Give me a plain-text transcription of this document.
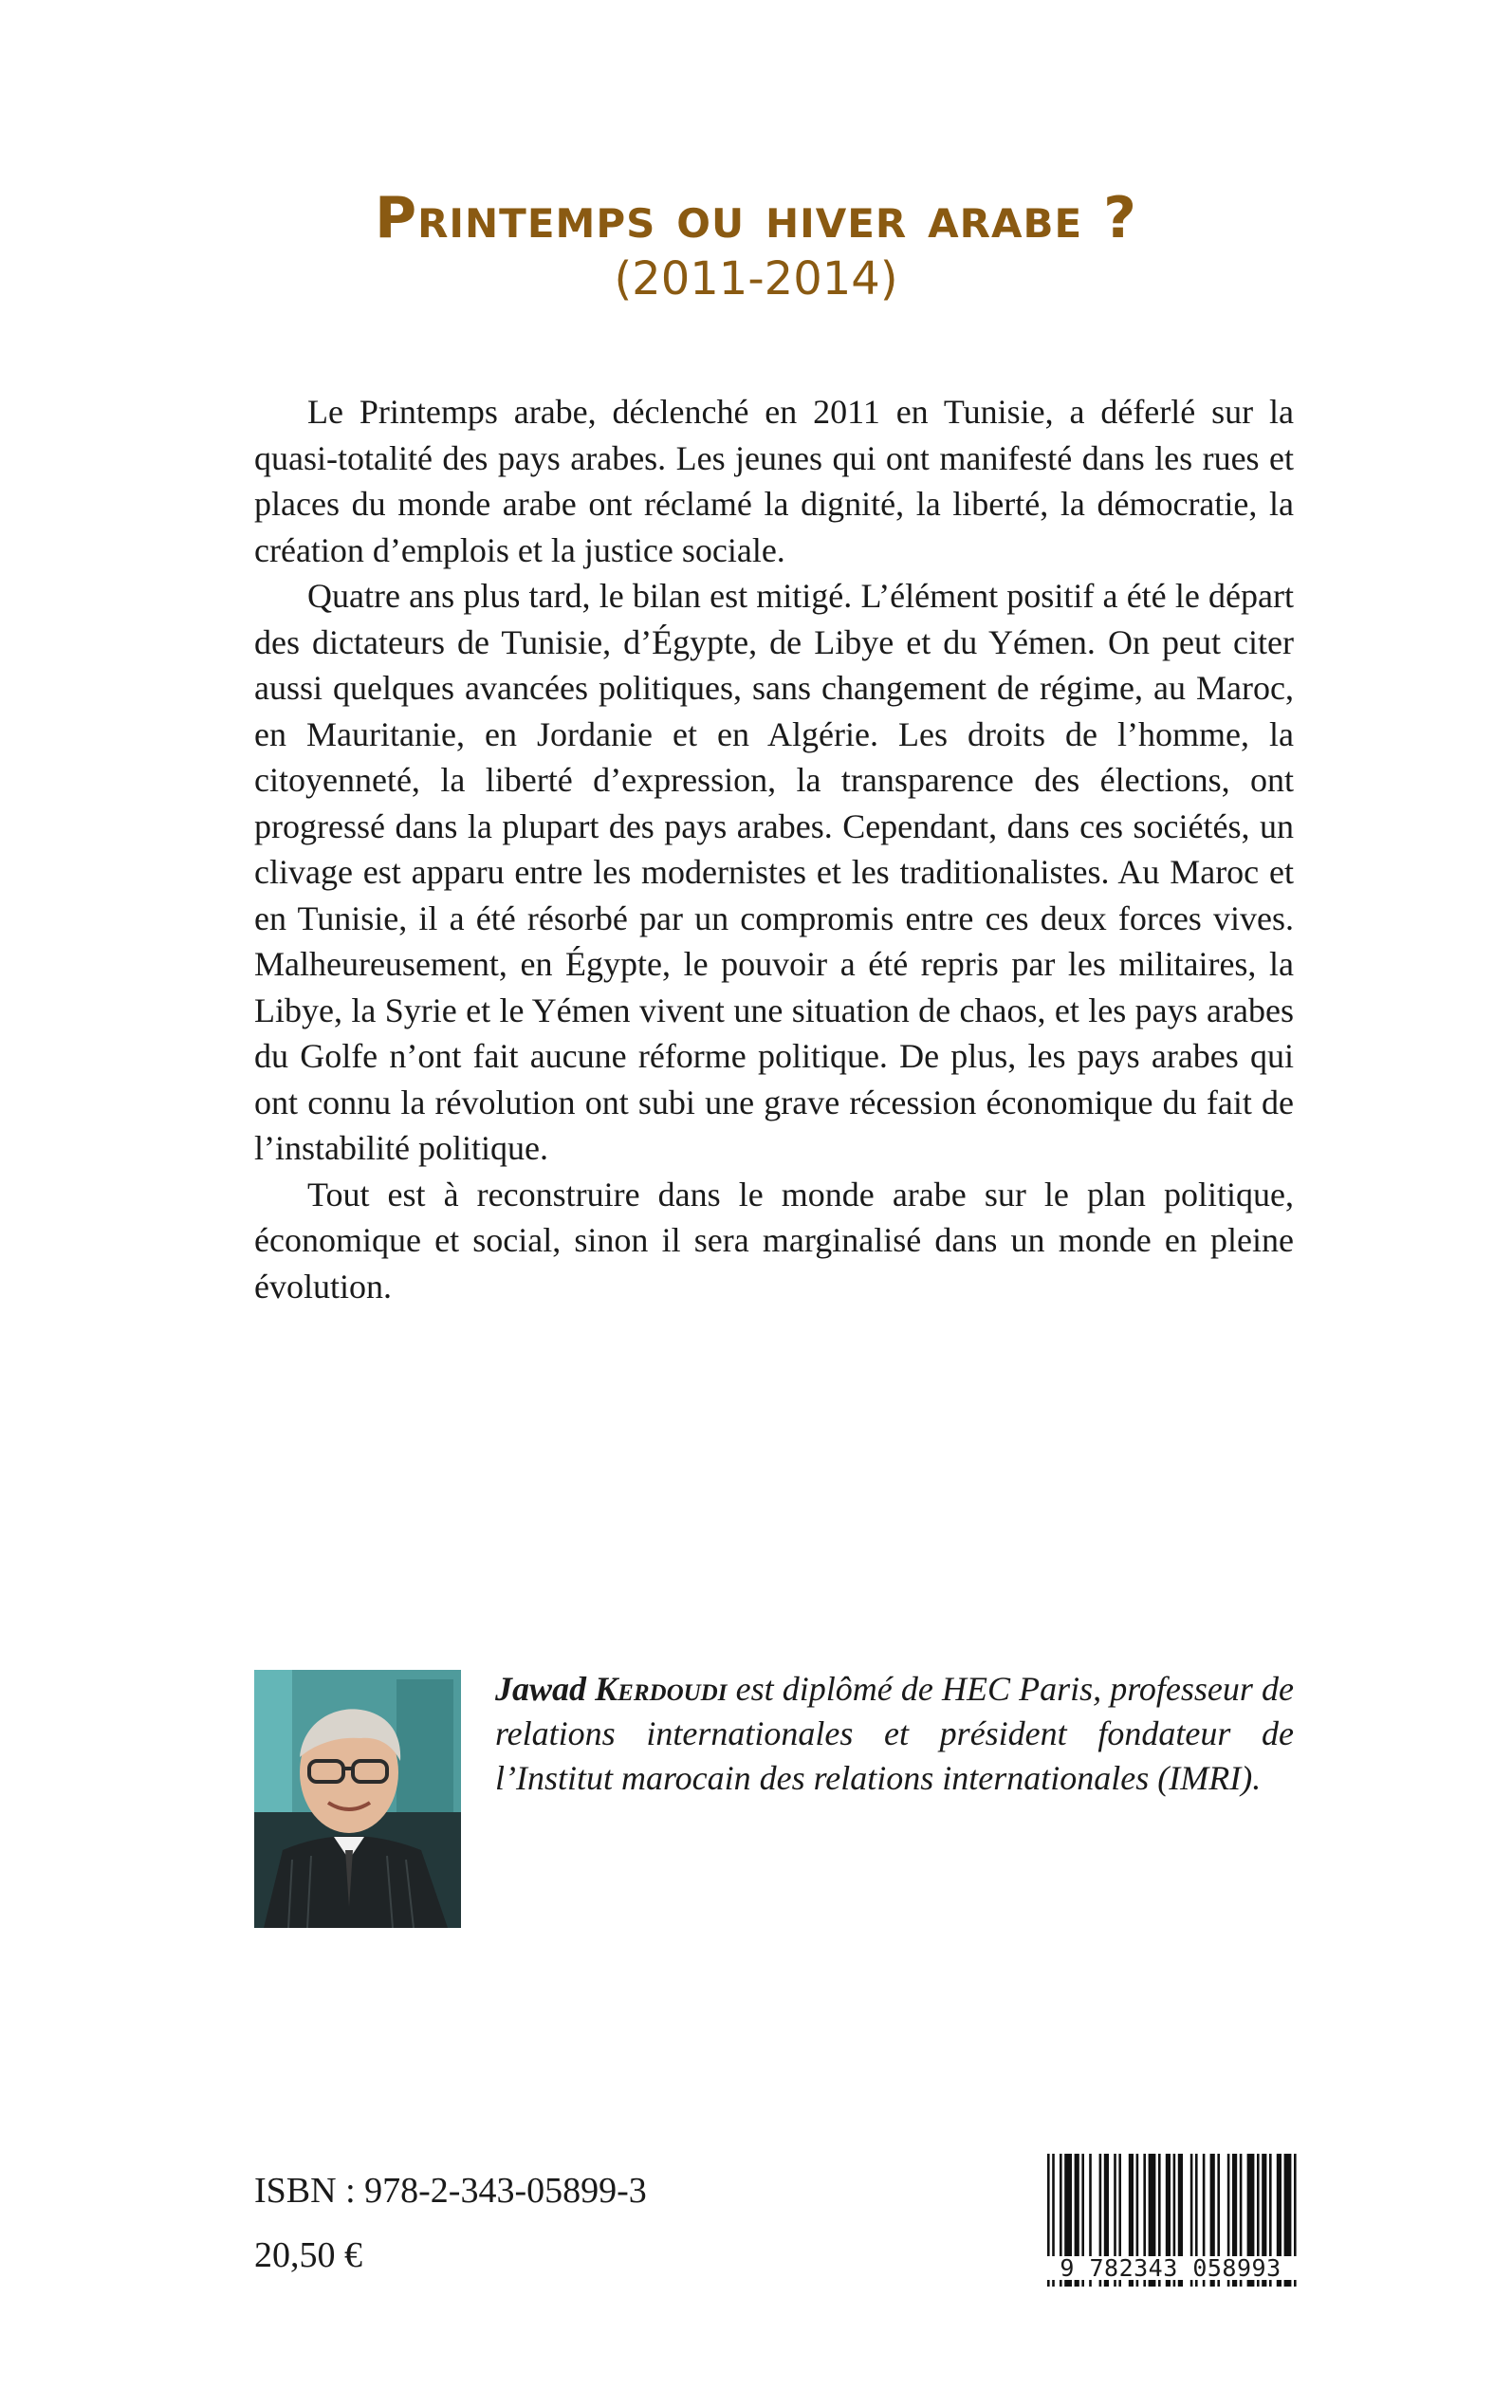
Printemps ou hiver arabe ?
(2011-2014)

Le Printemps arabe, déclenché en 2011 en Tunisie, a déferlé sur la quasi-totalité des pays arabes. Les jeunes qui ont manifesté dans les rues et places du monde arabe ont réclamé la dignité, la liberté, la démocratie, la création d’emplois et la justice sociale.

Quatre ans plus tard, le bilan est mitigé. L’élément positif a été le départ des dictateurs de Tunisie, d’Égypte, de Libye et du Yémen. On peut citer aussi quelques avancées politiques, sans changement de régime, au Maroc, en Mauritanie, en Jordanie et en Algérie. Les droits de l’homme, la citoyenneté, la liberté d’expression, la transparence des élections, ont progressé dans la plupart des pays arabes. Cependant, dans ces sociétés, un clivage est apparu entre les modernistes et les traditionalistes. Au Maroc et en Tunisie, il a été résorbé par un compromis entre ces deux forces vives. Malheureusement, en Égypte, le pouvoir a été repris par les militaires, la Libye, la Syrie et le Yémen vivent une situation de chaos, et les pays arabes du Golfe n’ont fait aucune réforme politique. De plus, les pays arabes qui ont connu la révolution ont subi une grave récession économique du fait de l’instabilité politique.

Tout est à reconstruire dans le monde arabe sur le plan politique, économique et social, sinon il sera marginalisé dans un monde en pleine évolution.

Jawad Kerdoudi est diplômé de HEC Paris, professeur de relations internationales et président fondateur de l’Institut marocain des relations internationales (IMRI).

ISBN : 978-2-343-05899-3
20,50 €	9 782343 058993
